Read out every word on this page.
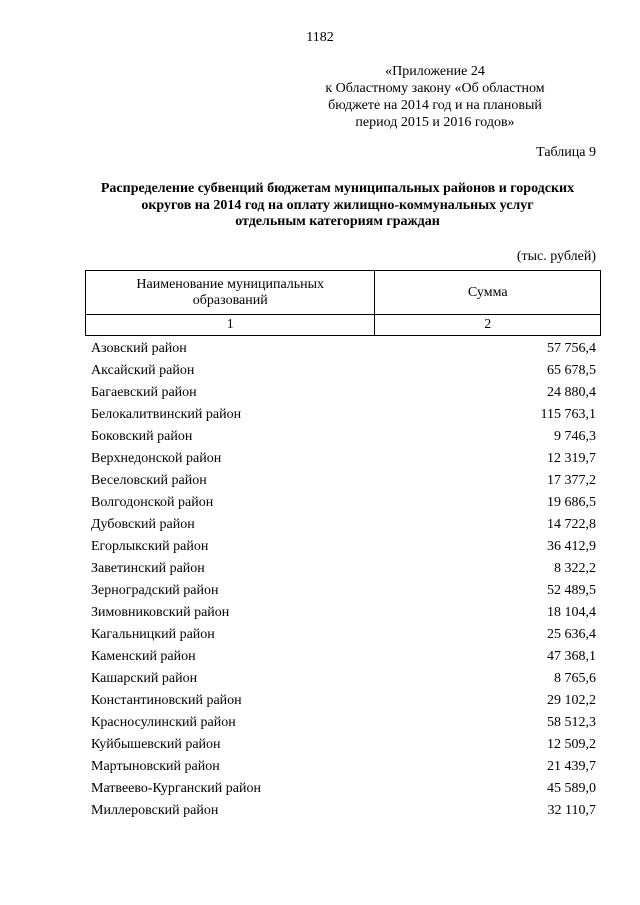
1182
«Приложение 24
к Областному закону «Об областном
бюджете на 2014 год и на плановый
период 2015 и 2016 годов»
Таблица 9
Распределение субвенций бюджетам муниципальных районов и городских
округов на 2014 год на оплату жилищно-коммунальных услуг
отдельным категориям граждан
(тыс. рублей)
Наименование муниципальных
образований	Сумма
1	2
Азовский район	57 756,4
Аксайский район	65 678,5
Багаевский район	24 880,4
Белокалитвинский район	115 763,1
Боковский район	9 746,3
Верхнедонской район	12 319,7
Веселовский район	17 377,2
Волгодонской район	19 686,5
Дубовский район	14 722,8
Егорлыкский район	36 412,9
Заветинский район	8 322,2
Зерноградский район	52 489,5
Зимовниковский район	18 104,4
Кагальницкий район	25 636,4
Каменский район	47 368,1
Кашарский район	8 765,6
Константиновский район	29 102,2
Красносулинский район	58 512,3
Куйбышевский район	12 509,2
Мартыновский район	21 439,7
Матвеево-Курганский район	45 589,0
Миллеровский район	32 110,7
